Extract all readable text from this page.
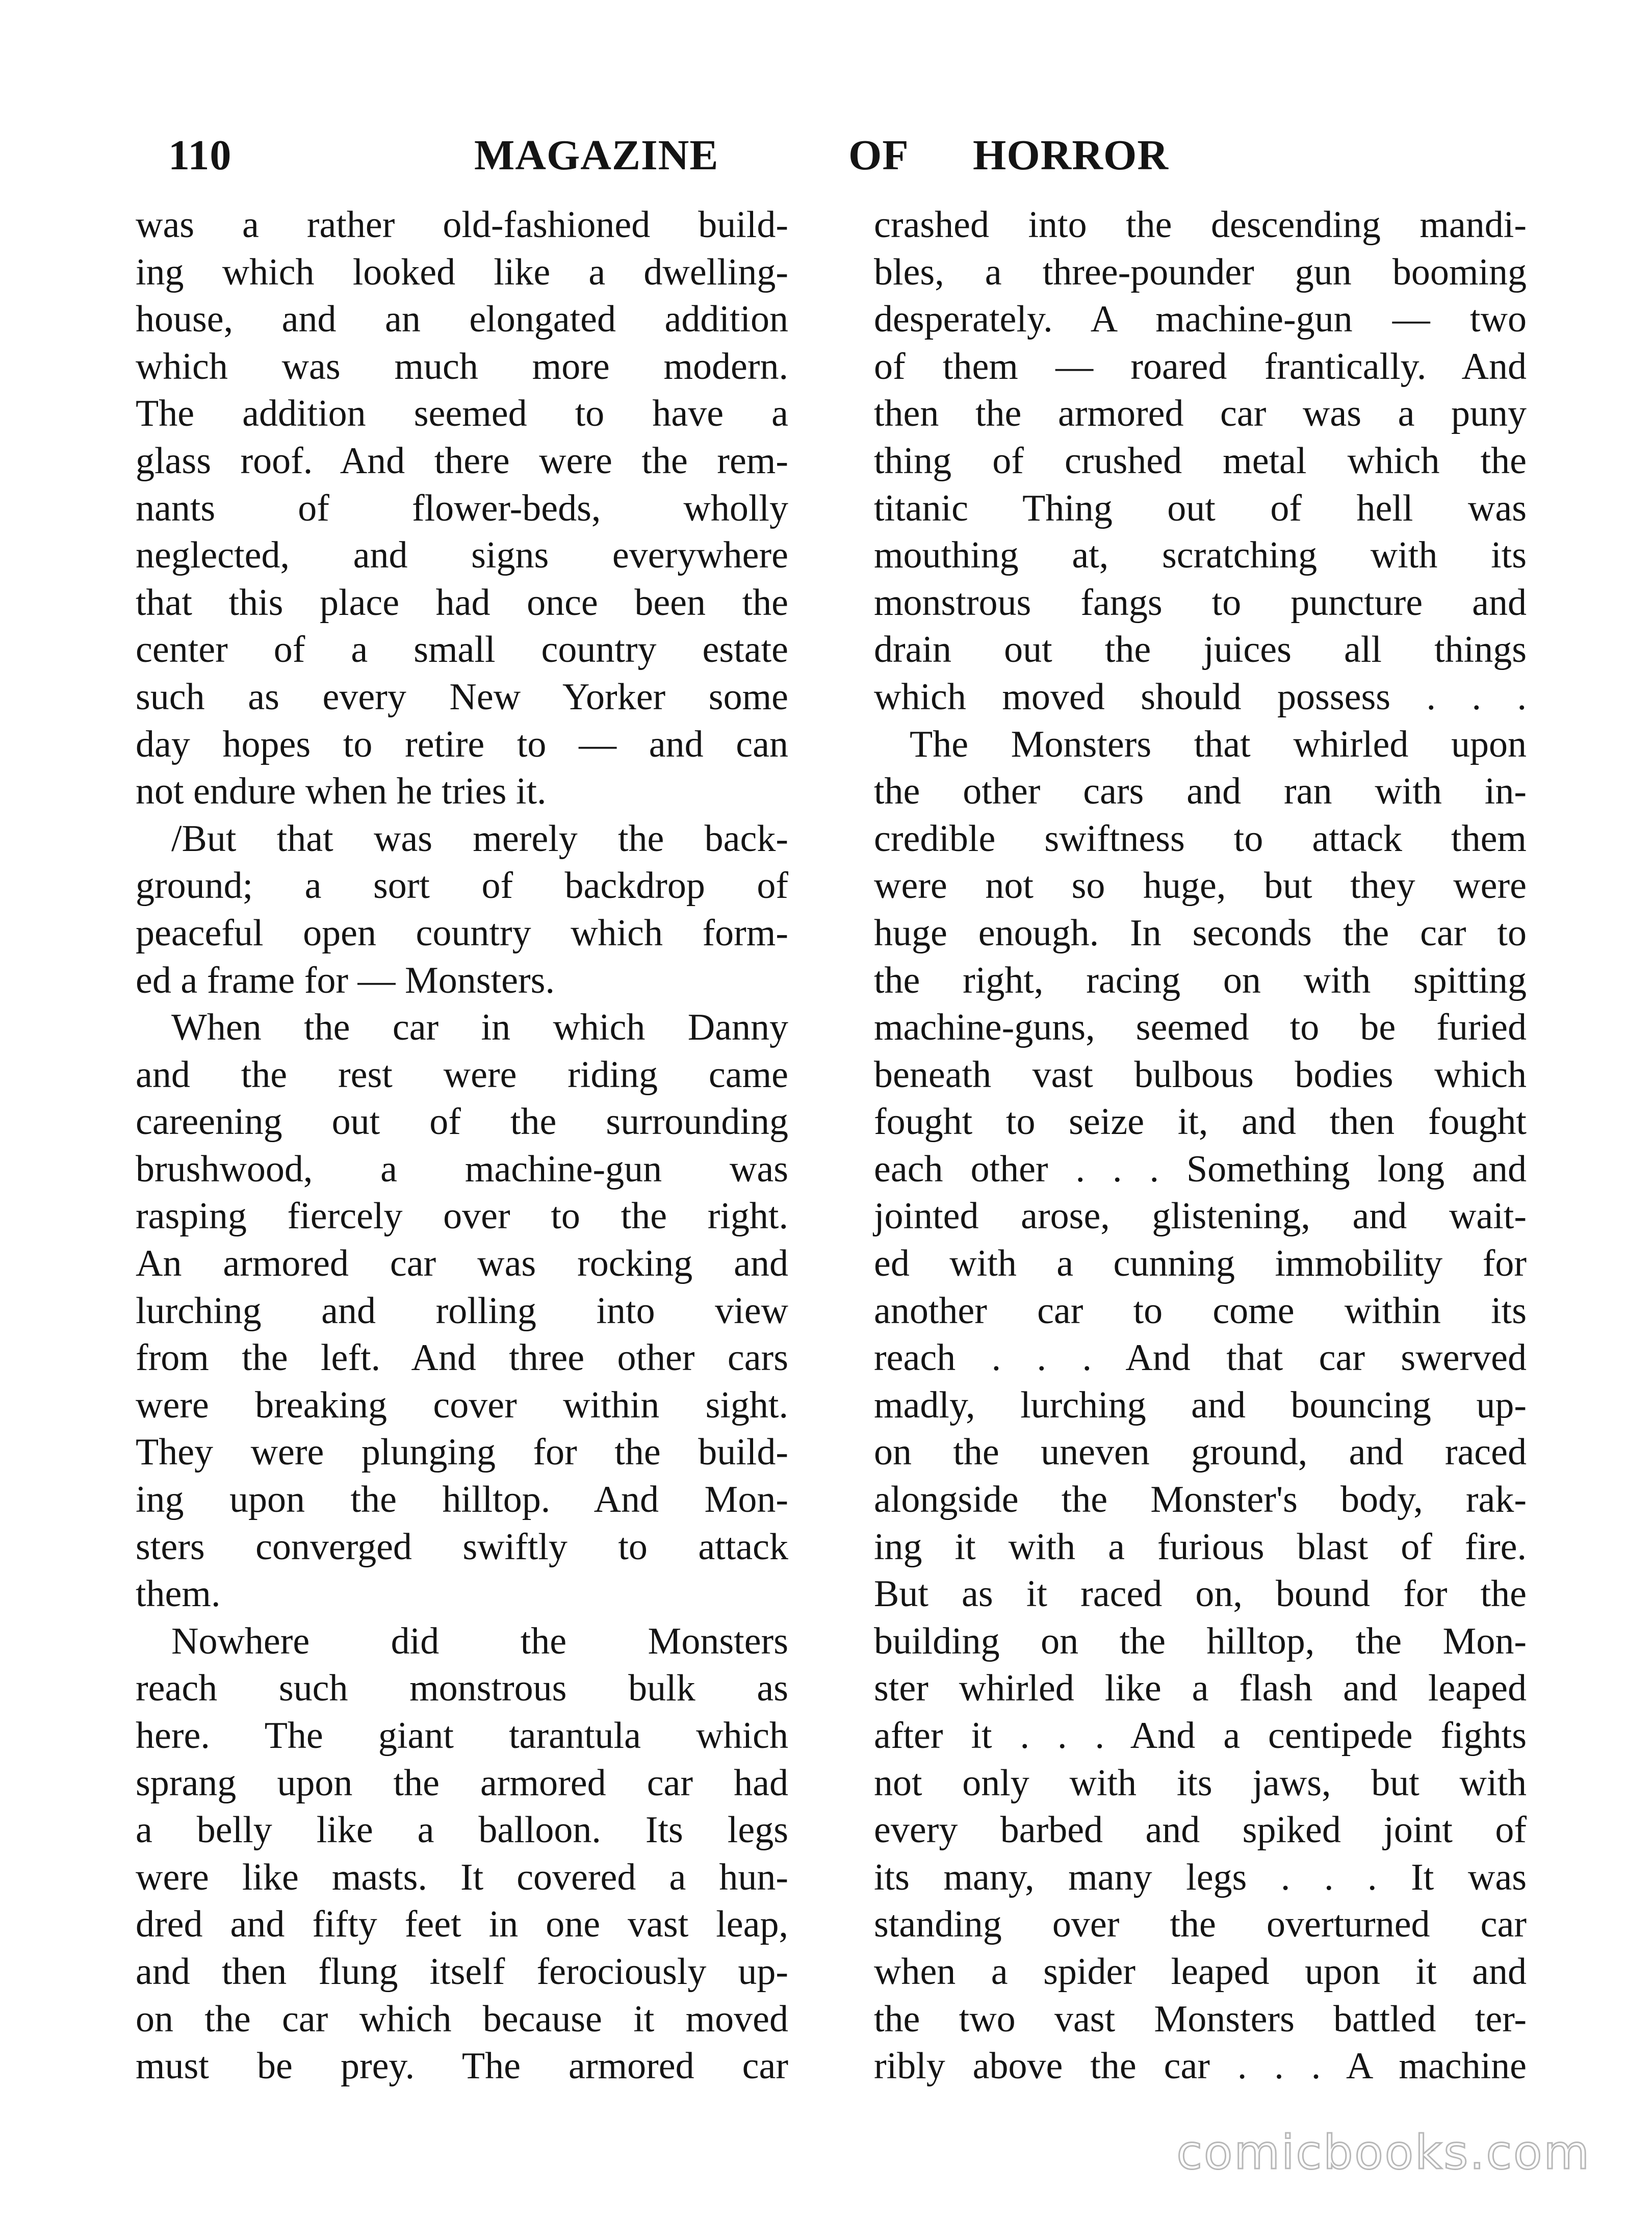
110	MAGAZINE	OF HORROR
was a rather old-fashioned build-
ing which looked like a dwelling-
house, and an elongated addition
which was much more modern.
The addition seemed to have a
glass roof. And there were the rem-
nants of flower-beds, wholly
neglected, and signs everywhere
that this place had once been the
center of a small country estate
such as every New Yorker some
day hopes to retire to — and can
not endure when he tries it.
/But that was merely the back-
ground; a sort of backdrop of
peaceful open country which form-
ed a frame for — Monsters.
When the car in which Danny
and the rest were riding came
careening out of the surrounding
brushwood, a machine-gun was
rasping fiercely over to the right.
An armored car was rocking and
lurching and rolling into view
from the left. And three other cars
were breaking cover within sight.
They were plunging for the build-
ing upon the hilltop. And Mon-
sters converged swiftly to attack
them.
Nowhere did the Monsters
reach such monstrous bulk as
here. The giant tarantula which
sprang upon the armored car had
a belly like a balloon. Its legs
were like masts. It covered a hun-
dred and fifty feet in one vast leap,
and then flung itself ferociously up-
on the car which because it moved
must be prey. The armored car
crashed into the descending mandi-
bles, a three-pounder gun booming
desperately. A machine-gun — two
of them — roared frantically. And
then the armored car was a puny
thing of crushed metal which the
titanic Thing out of hell was
mouthing at, scratching with its
monstrous fangs to puncture and
drain out the juices all things
which moved should possess . . .
The Monsters that whirled upon
the other cars and ran with in-
credible swiftness to attack them
were not so huge, but they were
huge enough. In seconds the car to
the right, racing on with spitting
machine-guns, seemed to be furied
beneath vast bulbous bodies which
fought to seize it, and then fought
each other . . . Something long and
jointed arose, glistening, and wait-
ed with a cunning immobility for
another car to come within its
reach . . . And that car swerved
madly, lurching and bouncing up-
on the uneven ground, and raced
alongside the Monster's body, rak-
ing it with a furious blast of fire.
But as it raced on, bound for the
building on the hilltop, the Mon-
ster whirled like a flash and leaped
after it . . . And a centipede fights
not only with its jaws, but with
every barbed and spiked joint of
its many, many legs . . . It was
standing over the overturned car
when a spider leaped upon it and
the two vast Monsters battled ter-
ribly above the car . . . A machine
comicbooks.com
